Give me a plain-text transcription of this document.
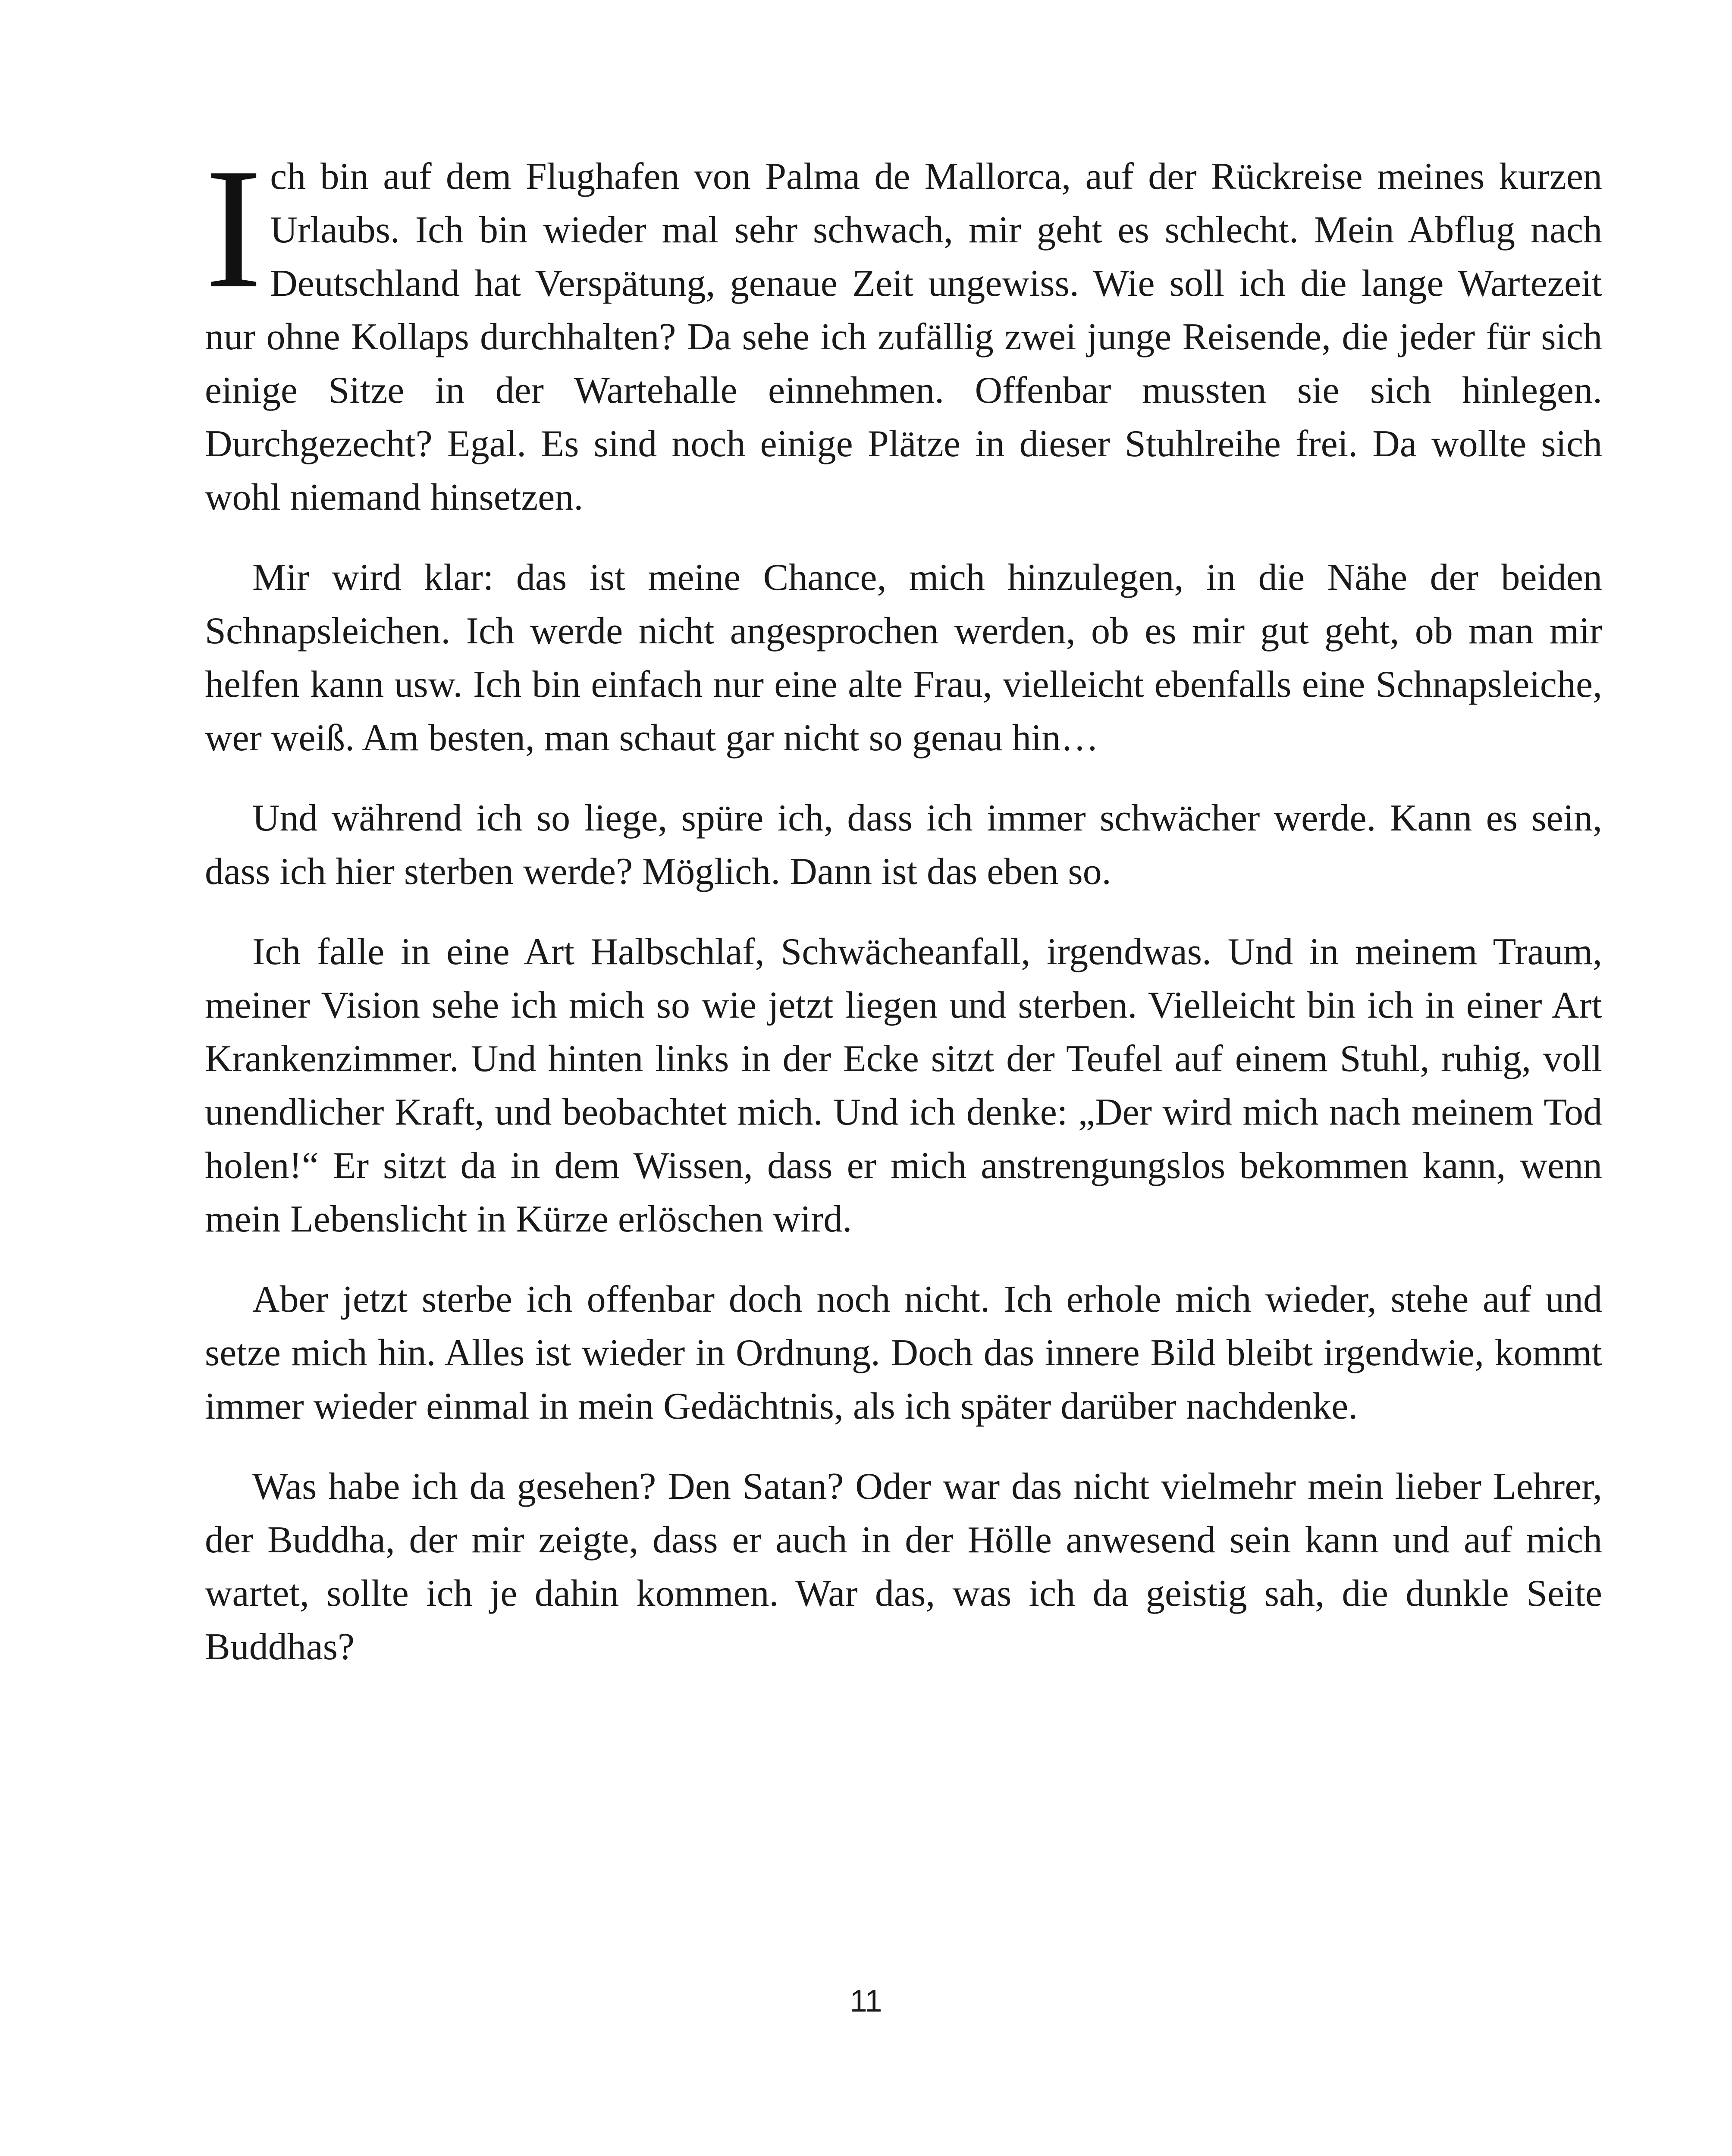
Ich bin auf dem Flughafen von Palma de Mallorca, auf der Rückreise meines kurzen Urlaubs. Ich bin wieder mal sehr schwach, mir geht es schlecht. Mein Abflug nach Deutschland hat Verspätung, genaue Zeit ungewiss. Wie soll ich die lange Wartezeit nur ohne Kollaps durchhalten? Da sehe ich zufällig zwei junge Reisende, die jeder für sich einige Sitze in der Wartehalle einnehmen. Offenbar mussten sie sich hinlegen. Durchgezecht? Egal. Es sind noch einige Plätze in dieser Stuhlreihe frei. Da wollte sich wohl niemand hinsetzen.

Mir wird klar: das ist meine Chance, mich hinzulegen, in die Nähe der beiden Schnapsleichen. Ich werde nicht angesprochen werden, ob es mir gut geht, ob man mir helfen kann usw. Ich bin einfach nur eine alte Frau, vielleicht ebenfalls eine Schnapsleiche, wer weiß. Am besten, man schaut gar nicht so genau hin…

Und während ich so liege, spüre ich, dass ich immer schwächer werde. Kann es sein, dass ich hier sterben werde? Möglich. Dann ist das eben so.

Ich falle in eine Art Halbschlaf, Schwächeanfall, irgendwas. Und in meinem Traum, meiner Vision sehe ich mich so wie jetzt liegen und sterben. Vielleicht bin ich in einer Art Krankenzimmer. Und hinten links in der Ecke sitzt der Teufel auf einem Stuhl, ruhig, voll unendlicher Kraft, und beobachtet mich. Und ich denke: „Der wird mich nach meinem Tod holen!“ Er sitzt da in dem Wissen, dass er mich anstrengungslos bekommen kann, wenn mein Lebenslicht in Kürze erlöschen wird.

Aber jetzt sterbe ich offenbar doch noch nicht. Ich erhole mich wieder, stehe auf und setze mich hin. Alles ist wieder in Ordnung. Doch das innere Bild bleibt irgendwie, kommt immer wieder einmal in mein Gedächtnis, als ich später darüber nachdenke.

Was habe ich da gesehen? Den Satan? Oder war das nicht vielmehr mein lieber Lehrer, der Buddha, der mir zeigte, dass er auch in der Hölle anwesend sein kann und auf mich wartet, sollte ich je dahin kommen. War das, was ich da geistig sah, die dunkle Seite Buddhas?

11
